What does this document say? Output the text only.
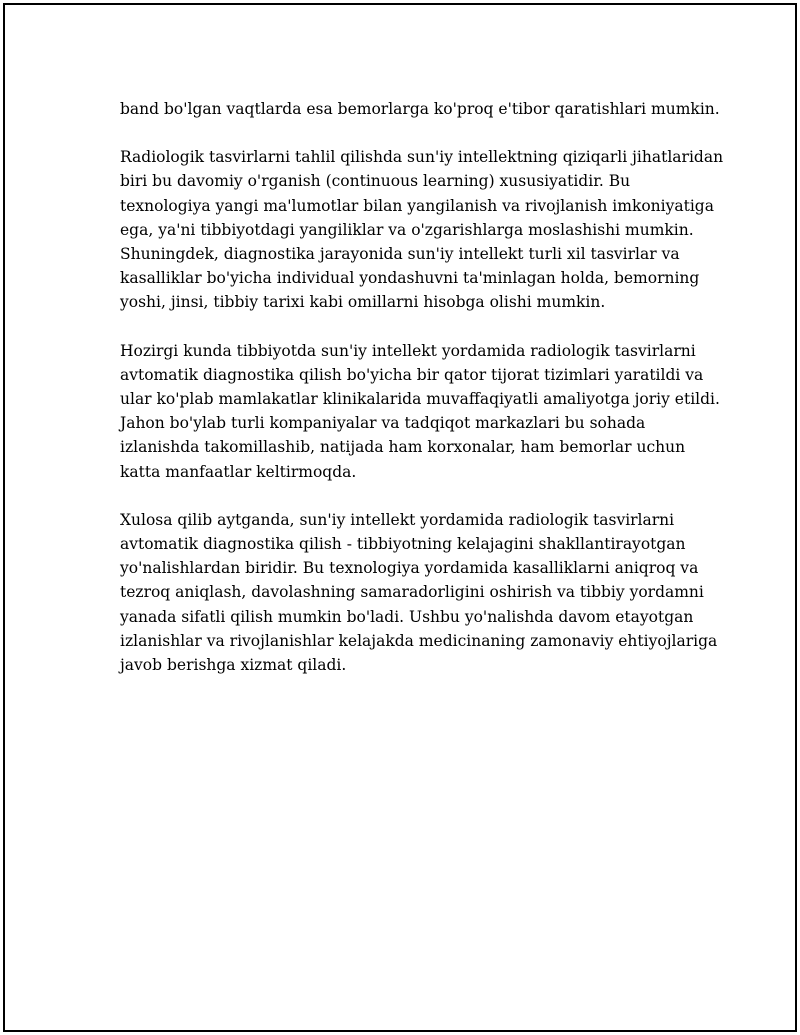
band bo'lgan vaqtlarda esa bemorlarga ko'proq e'tibor qaratishlari mumkin.

Radiologik tasvirlarni tahlil qilishda sun'iy intellektning qiziqarli jihatlaridan
biri bu davomiy o'rganish (continuous learning) xususiyatidir. Bu
texnologiya yangi ma'lumotlar bilan yangilanish va rivojlanish imkoniyatiga
ega, ya'ni tibbiyotdagi yangiliklar va o'zgarishlarga moslashishi mumkin.
Shuningdek, diagnostika jarayonida sun'iy intellekt turli xil tasvirlar va
kasalliklar bo'yicha individual yondashuvni ta'minlagan holda, bemorning
yoshi, jinsi, tibbiy tarixi kabi omillarni hisobga olishi mumkin.

Hozirgi kunda tibbiyotda sun'iy intellekt yordamida radiologik tasvirlarni
avtomatik diagnostika qilish bo'yicha bir qator tijorat tizimlari yaratildi va
ular ko'plab mamlakatlar klinikalarida muvaffaqiyatli amaliyotga joriy etildi.
Jahon bo'ylab turli kompaniyalar va tadqiqot markazlari bu sohada
izlanishda takomillashib, natijada ham korxonalar, ham bemorlar uchun
katta manfaatlar keltirmoqda.

Xulosa qilib aytganda, sun'iy intellekt yordamida radiologik tasvirlarni
avtomatik diagnostika qilish - tibbiyotning kelajagini shakllantirayotgan
yo'nalishlardan biridir. Bu texnologiya yordamida kasalliklarni aniqroq va
tezroq aniqlash, davolashning samaradorligini oshirish va tibbiy yordamni
yanada sifatli qilish mumkin bo'ladi. Ushbu yo'nalishda davom etayotgan
izlanishlar va rivojlanishlar kelajakda medicinaning zamonaviy ehtiyojlariga
javob berishga xizmat qiladi.
